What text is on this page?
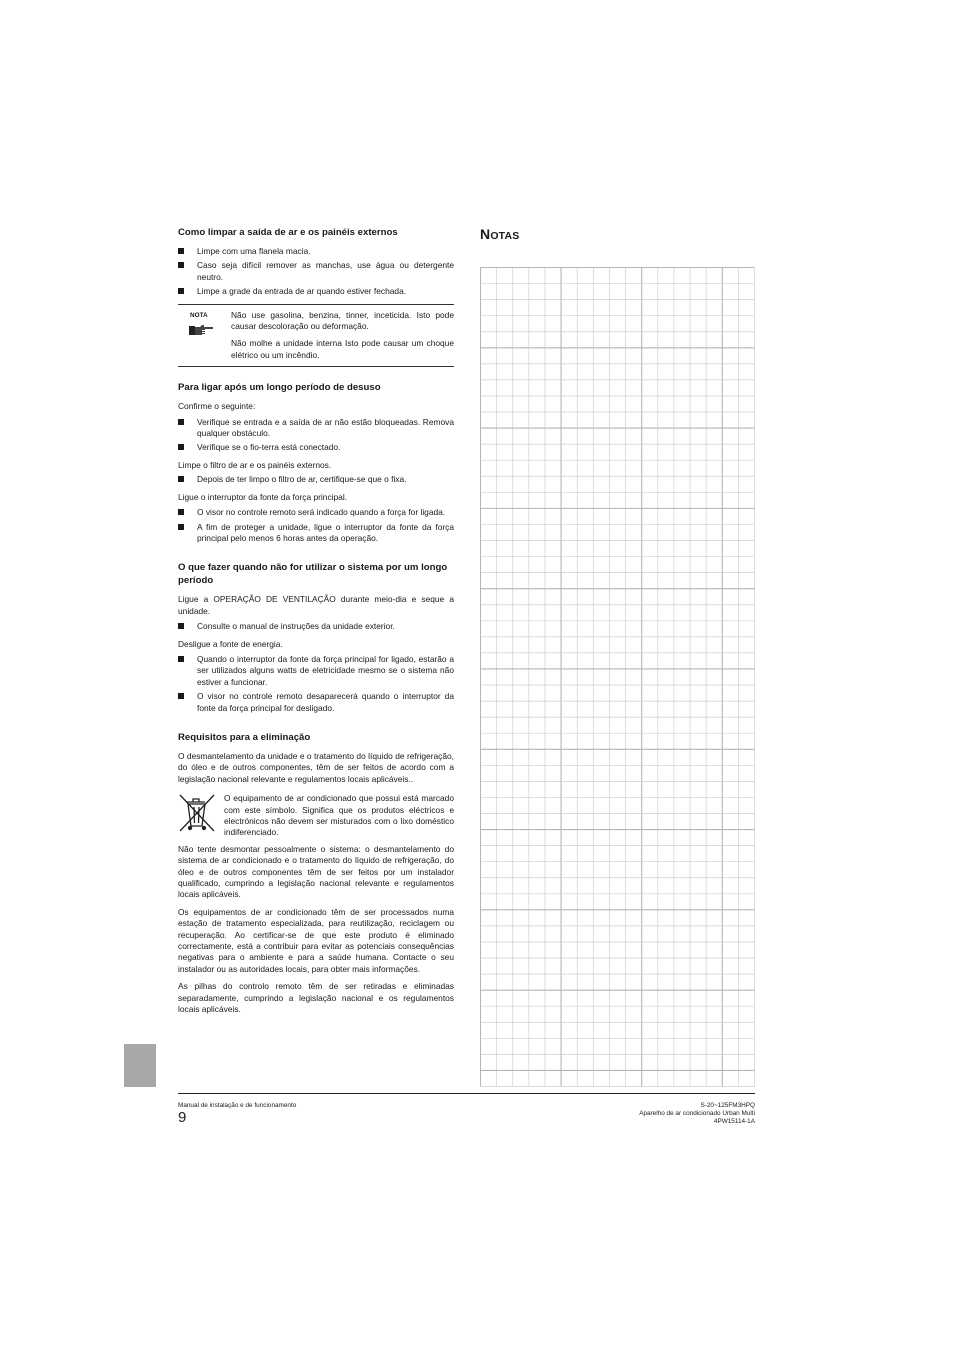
Como limpar a saída de ar e os painéis externos
Limpe com uma flanela macia.
Caso seja difícil remover as manchas, use água ou detergente neutro.
Limpe a grade da entrada de ar quando estiver fechada.
NOTA	Não use gasolina, benzina, tinner, inceticida. Isto pode causar descoloração ou deformação.

Não molhe a unidade interna Isto pode causar um choque elétrico ou um incêndio.

Para ligar após um longo período de desuso

Confirme o seguinte:

Verifique se entrada e a saída de ar não estão bloqueadas. Remova qualquer obstáculo.
Verifique se o fio-terra está conectado.

Limpe o filtro de ar e os painéis externos.

Depois de ter limpo o filtro de ar, certifique-se que o fixa.

Ligue o interruptor da fonte da força principal.

O visor no controle remoto será indicado quando a força for ligada.
A fim de proteger a unidade, ligue o interruptor da fonte da força principal pelo menos 6 horas antes da operação.
O que fazer quando não for utilizar o sistema por um longo período

Ligue a OPERAÇÃO DE VENTILAÇÃO durante meio-dia e seque a unidade.

Consulte o manual de instruções da unidade exterior.

Desligue a fonte de energia.

Quando o interruptor da fonte da força principal for ligado, estarão a ser utilizados alguns watts de eletricidade mesmo se o sistema não estiver a funcionar.
O visor no controle remoto desaparecerá quando o interruptor da fonte da força principal for desligado.
Requisitos para a eliminação

O desmantelamento da unidade e o tratamento do líquido de refrigeração, do óleo e de outros componentes, têm de ser feitos de acordo com a legislação nacional relevante e regulamentos locais aplicáveis..

O equipamento de ar condicionado que possui está marcado com este símbolo. Significa que os produtos eléctricos e electrónicos não devem ser misturados com o lixo doméstico indiferenciado.

Não tente desmontar pessoalmente o sistema: o desmantelamento do sistema de ar condicionado e o tratamento do líquido de refrigeração, do óleo e de outros componentes têm de ser feitos por um instalador qualificado, cumprindo a legislação nacional relevante e regulamentos locais aplicáveis.

Os equipamentos de ar condicionado têm de ser processados numa estação de tratamento especializada, para reutilização, reciclagem ou recuperação. Ao certificar-se de que este produto é eliminado correctamente, está a contribuir para evitar as potenciais consequências negativas para o ambiente e para a saúde humana. Contacte o seu instalador ou as autoridades locais, para obter mais informações.

As pilhas do controlo remoto têm de ser retiradas e eliminadas separadamente, cumprindo a legislação nacional e os regulamentos locais aplicáveis.

NOTAS
Manual de instalação e de funcionamento
9
S-20~125FM3HPQ
Aparelho de ar condicionado Urban Multi
4PW15114-1A
